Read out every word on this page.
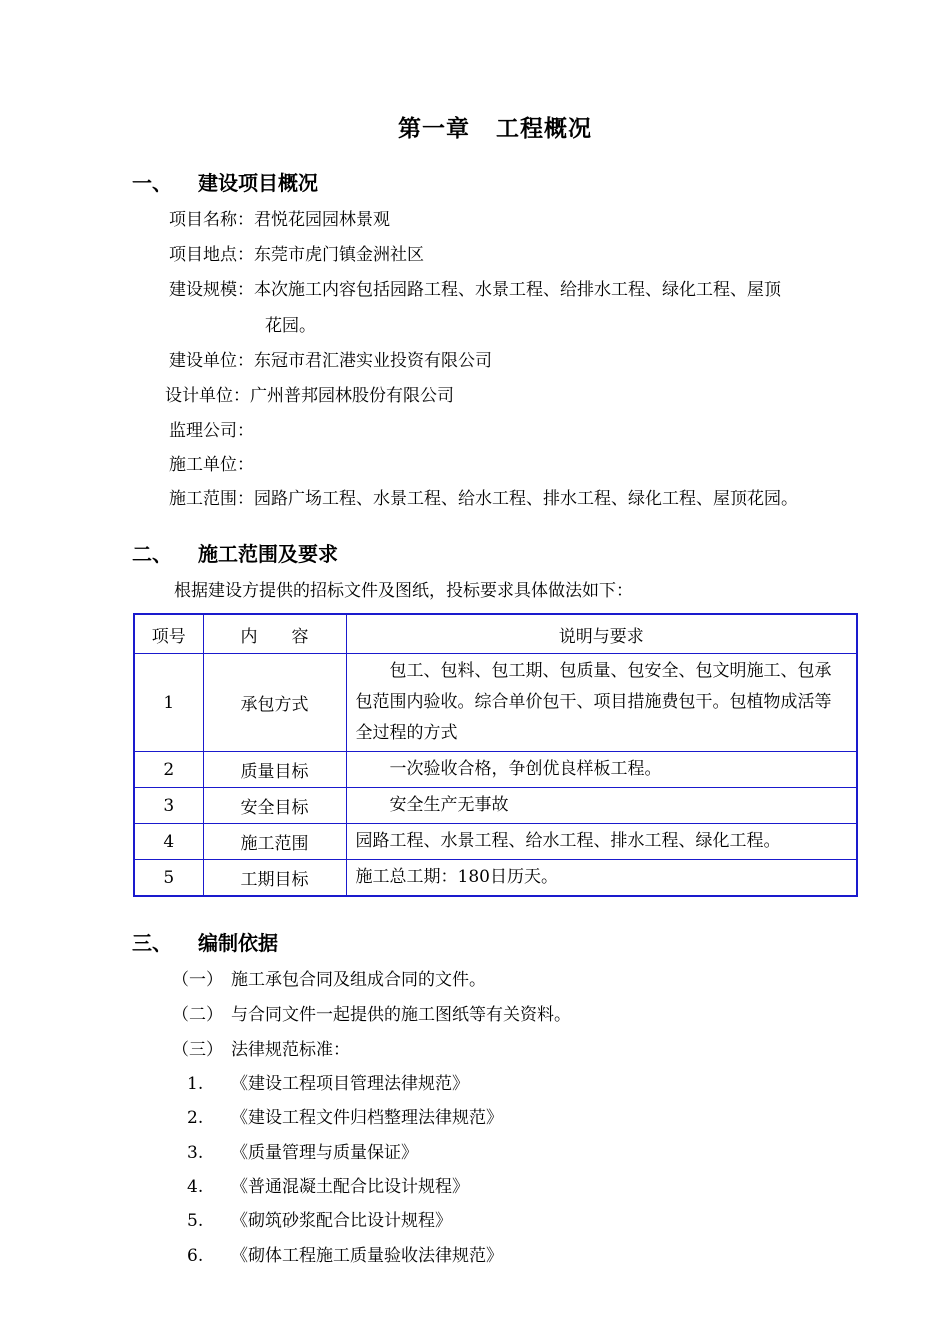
第一章 工程概况
一、 建设项目概况
项目名称：君悦花园园林景观
项目地点：东莞市虎门镇金洲社区
建设规模：本次施工内容包括园路工程、水景工程、给排水工程、绿化工程、屋顶
花园。
建设单位：东冠市君汇港实业投资有限公司
设计单位：广州普邦园林股份有限公司
监理公司：
施工单位：
施工范围：园路广场工程、水景工程、给水工程、排水工程、绿化工程、屋顶花园。
二、 施工范围及要求
根据建设方提供的招标文件及图纸，投标要求具体做法如下：
项号	内　　容	说明与要求
1	承包方式	包工、包料、包工期、包质量、包安全、包文明施工、包承包范围内验收。综合单价包干、项目措施费包干。包植物成活等全过程的方式
2	质量目标	一次验收合格，争创优良样板工程。
3	安全目标	安全生产无事故
4	施工范围	园路工程、水景工程、给水工程、排水工程、绿化工程。
5	工期目标	施工总工期：180日历天。
三、 编制依据
（一） 施工承包合同及组成合同的文件。
（二） 与合同文件一起提供的施工图纸等有关资料。
（三） 法律规范标准：
1. 《建设工程项目管理法律规范》
2. 《建设工程文件归档整理法律规范》
3. 《质量管理与质量保证》
4. 《普通混凝土配合比设计规程》
5. 《砌筑砂浆配合比设计规程》
6. 《砌体工程施工质量验收法律规范》
